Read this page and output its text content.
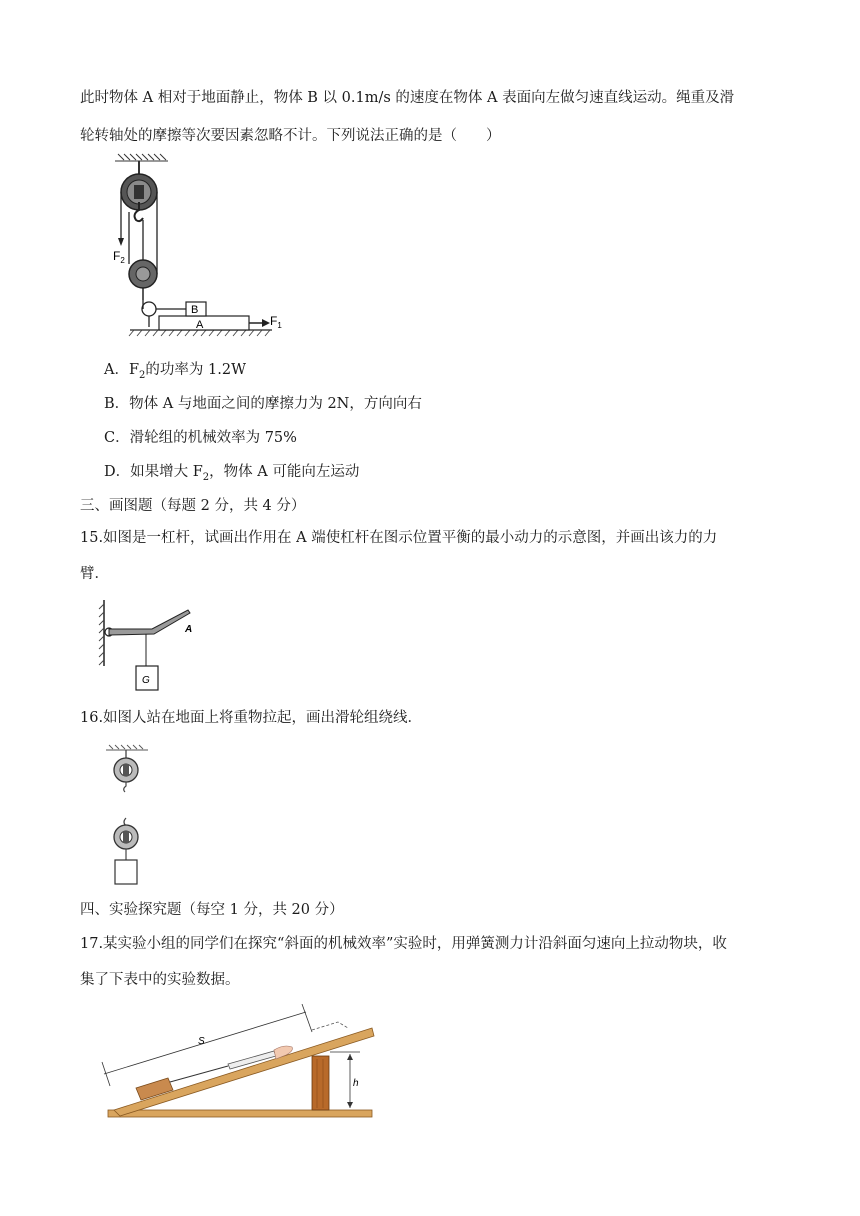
此时物体 A 相对于地面静止，物体 B 以 0.1m/s 的速度在物体 A 表面向左做匀速直线运动。绳重及滑
轮转轴处的摩擦等次要因素忽略不计。下列说法正确的是（　　）
$F_2$
A
B
$F_1$
A．$F_2$的功率为 1.2W
B．物体 A 与地面之间的摩擦力为 2N，方向向右
C．滑轮组的机械效率为 75%
D．如果增大 $F_2$，物体 A 可能向左运动
三、画图题（每题 2 分，共 4 分）
15.如图是一杠杆，试画出作用在 A 端使杠杆在图示位置平衡的最小动力的示意图，并画出该力的力
臂．
A
G
16.如图人站在地面上将重物拉起，画出滑轮组绕线．
四、实验探究题（每空 1 分，共 20 分）
17.某实验小组的同学们在探究“斜面的机械效率”实验时，用弹簧测力计沿斜面匀速向上拉动物块，收
集了下表中的实验数据。
S
h
